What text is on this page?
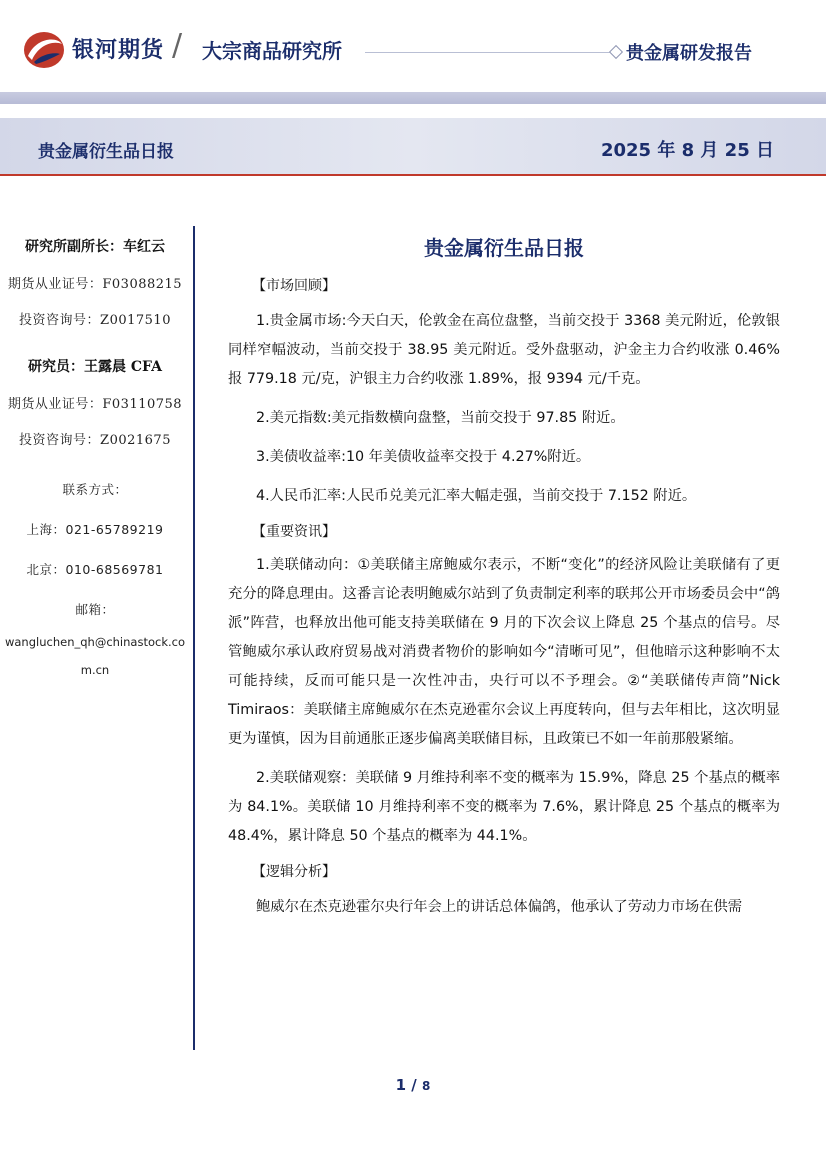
银河期货 / 大宗商品研究所	贵金属研发报告
贵金属衍生品日报	2025 年 8 月 25 日
研究所副所长：车红云
期货从业证号：F03088215
投资咨询号：Z0017510
研究员：王露晨 CFA
期货从业证号：F03110758
投资咨询号：Z0021675
联系方式：
上海：021-65789219
北京：010-68569781
邮箱：
wangluchen_qh@chinastock.co
m.cn
贵金属衍生品日报
【市场回顾】

1.贵金属市场:今天白天，伦敦金在高位盘整，当前交投于 3368 美元附近，伦敦银同样窄幅波动，当前交投于 38.95 美元附近。受外盘驱动，沪金主力合约收涨 0.46%报 779.18 元/克，沪银主力合约收涨 1.89%，报 9394 元/千克。

2.美元指数:美元指数横向盘整，当前交投于 97.85 附近。

3.美债收益率:10 年美债收益率交投于 4.27%附近。

4.人民币汇率:人民币兑美元汇率大幅走强，当前交投于 7.152 附近。

【重要资讯】

1.美联储动向：①美联储主席鲍威尔表示，不断“变化”的经济风险让美联储有了更充分的降息理由。这番言论表明鲍威尔站到了负责制定利率的联邦公开市场委员会中“鸽派”阵营，也释放出他可能支持美联储在 9 月的下次会议上降息 25 个基点的信号。尽管鲍威尔承认政府贸易战对消费者物价的影响如今“清晰可见”，但他暗示这种影响不太可能持续，反而可能只是一次性冲击，央行可以不予理会。②“美联储传声筒”Nick Timiraos：美联储主席鲍威尔在杰克逊霍尔会议上再度转向，但与去年相比，这次明显更为谨慎，因为目前通胀正逐步偏离美联储目标，且政策已不如一年前那般紧缩。

2.美联储观察：美联储 9 月维持利率不变的概率为 15.9%，降息 25 个基点的概率为 84.1%。美联储 10 月维持利率不变的概率为 7.6%，累计降息 25 个基点的概率为 48.4%，累计降息 50 个基点的概率为 44.1%。

【逻辑分析】

鲍威尔在杰克逊霍尔央行年会上的讲话总体偏鸽，他承认了劳动力市场在供需

1 / 8
